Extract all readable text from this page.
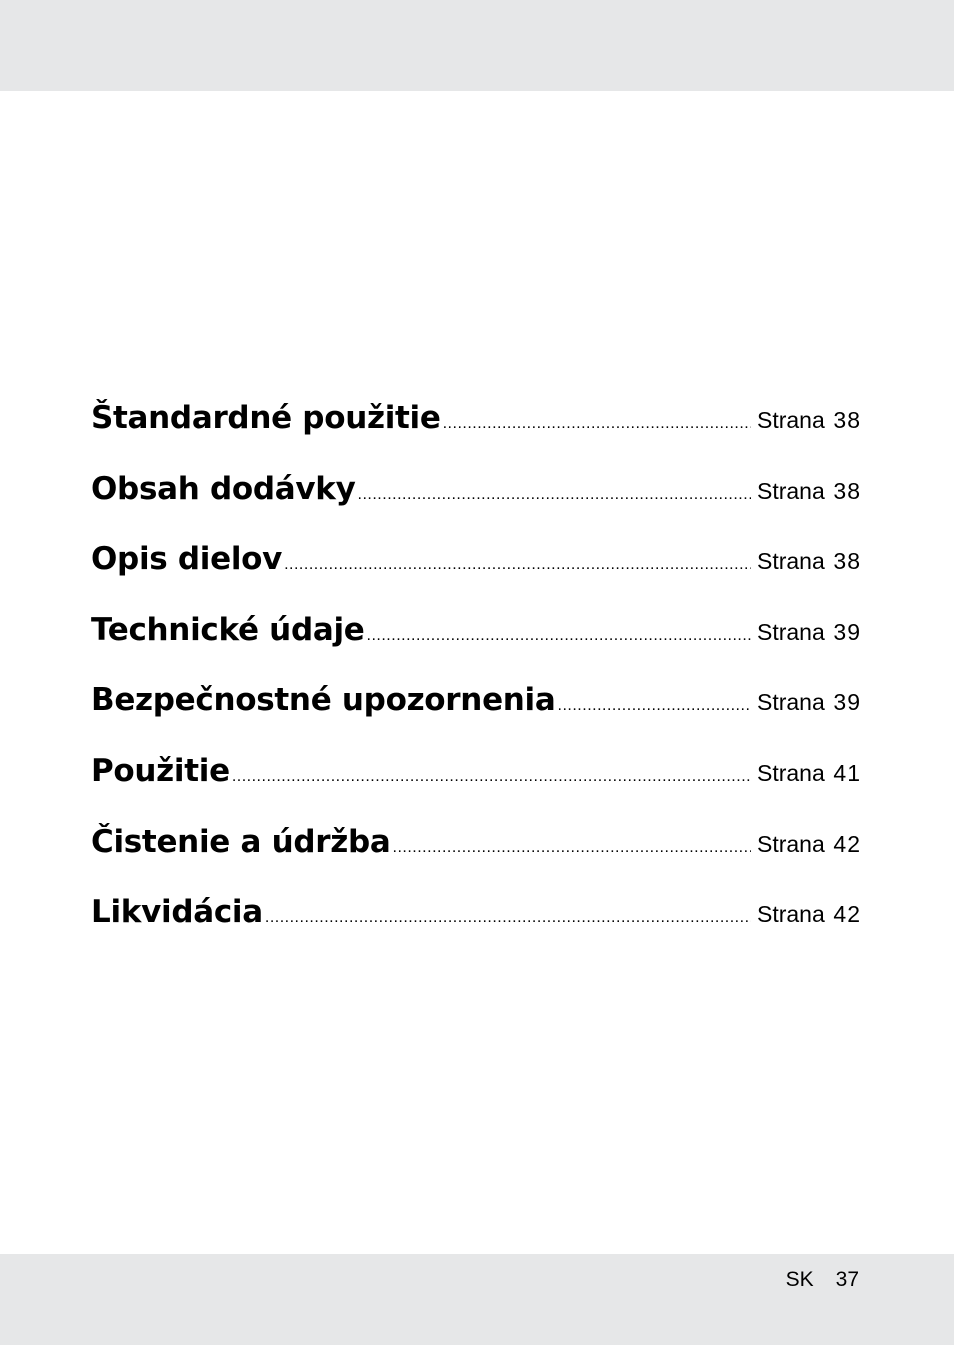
Štandardné použitie .....	Strana 38
Obsah dodávky .....	Strana 38
Opis dielov .....	Strana 38
Technické údaje .....	Strana 39
Bezpečnostné upozornenia .....	Strana 39
Použitie .....	Strana 41
Čistenie a údržba .....	Strana 42
Likvidácia .....	Strana 42
SK 37
